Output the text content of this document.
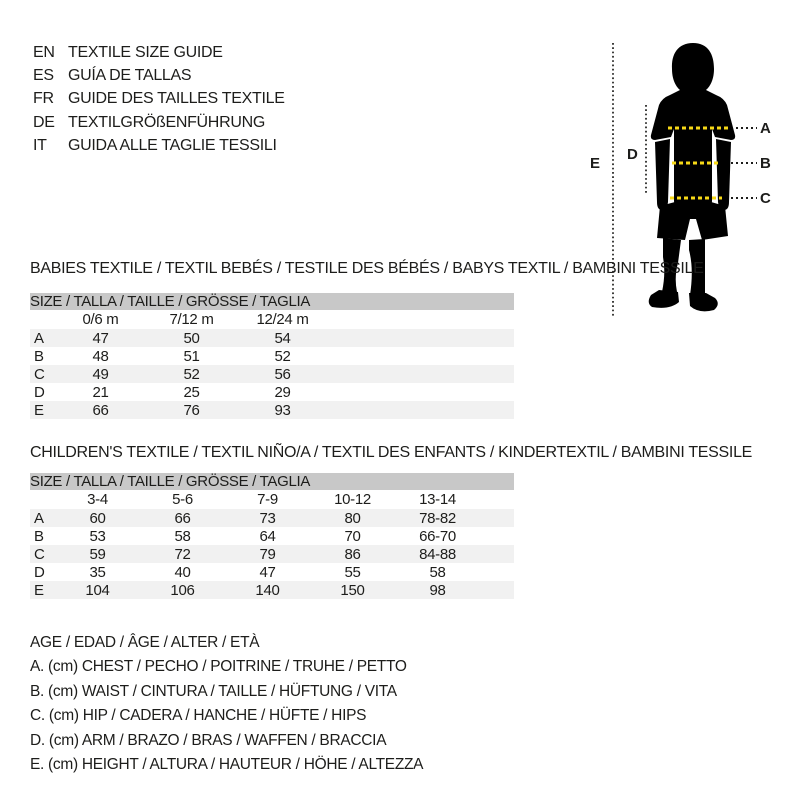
EN TEXTILE SIZE GUIDE
ES GUÍA DE TALLAS
FR GUIDE DES TAILLES TEXTILE
DE TEXTILGRÖßENFÜHRUNG
IT	GUIDA ALLE TAGLIE TESSILI
A
B
C
D
E
BABIES TEXTILE / TEXTIL BEBÉS / TESTILE DES BÉBÉS / BABYS TEXTIL / BAMBINI TESSILE
SIZE / TALLA / TAILLE / GRÖSSE / TAGLIA				
	0/6 m	7/12 m	12/24 m	
A	47	50	54	
B	48	51	52	
C	49	52	56	
D	21	25	29	
E	66	76	93	
CHILDREN'S TEXTILE / TEXTIL NIÑO/A / TEXTIL DES ENFANTS / KINDERTEXTIL / BAMBINI TESSILE
SIZE / TALLA / TAILLE / GRÖSSE / TAGLIA						
	3-4	5-6	7-9	10-12	13-14	
A	60	66	73	80	78-82	
B	53	58	64	70	66-70	
C	59	72	79	86	84-88	
D	35	40	47	55	58	
E	104	106	140	150	98	
AGE / EDAD / ÂGE / ALTER / ETÀ
A. (cm) CHEST / PECHO / POITRINE / TRUHE / PETTO
B. (cm) WAIST / CINTURA / TAILLE / HÜFTUNG / VITA
C. (cm) HIP / CADERA / HANCHE / HÜFTE / HIPS
D. (cm) ARM / BRAZO / BRAS / WAFFEN / BRACCIA
E. (cm) HEIGHT / ALTURA / HAUTEUR / HÖHE / ALTEZZA
